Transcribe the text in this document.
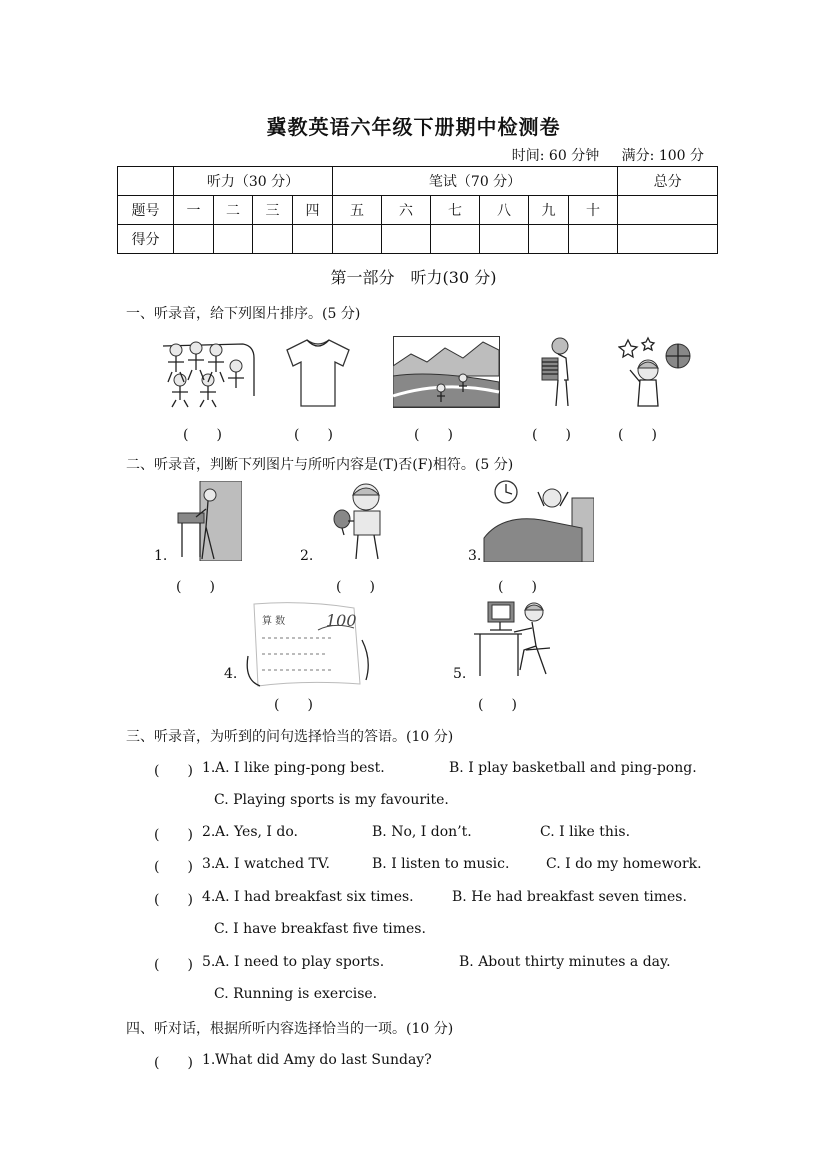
冀教英语六年级下册期中检测卷
时间: 60 分钟 满分: 100 分
	听力（30 分）				笔试（70 分）						总分
题号	一	二	三	四	五	六	七	八	九	十	
得分											
第一部分　听力(30 分)
一、听录音，给下列图片排序。(5 分)
(　　)	(　　)	(　　)	(　　)	(　　)
二、听录音，判断下列图片与所听内容是(T)否(F)相符。(5 分)
1.	2.	3.
4.
算 数	100
5.
(　　)	(　　)	(　　)
(　　)	(　　)
三、听录音，为听到的问句选择恰当的答语。(10 分)
(　　) 1. A. I like ping-pong best.	B. I play basketball and ping-pong.
C. Playing sports is my favourite.
(　　) 2. A. Yes, I do.	B. No, I don’t.	C. I like this.
(　　) 3. A. I watched TV.	B. I listen to music.	C. I do my homework.
(　　) 4. A. I had breakfast six times.	B. He had breakfast seven times.
C. I have breakfast five times.
(　　) 5. A. I need to play sports.	B. About thirty minutes a day.
C. Running is exercise.
四、听对话，根据所听内容选择恰当的一项。(10 分)
(　　) 1. What did Amy do last Sunday?
